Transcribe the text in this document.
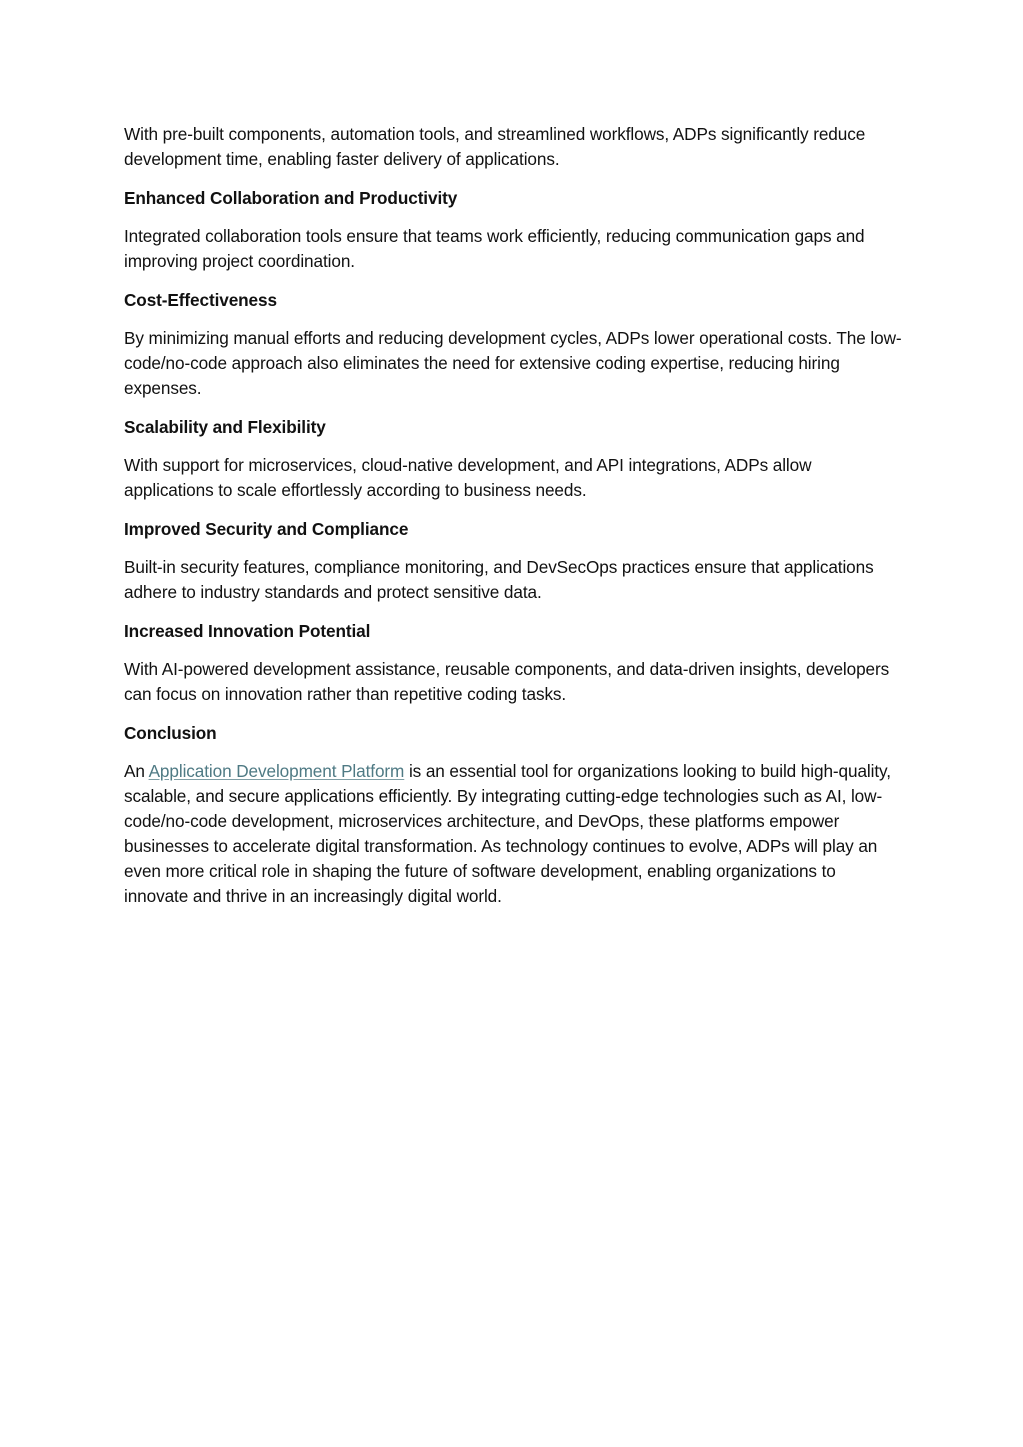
With pre-built components, automation tools, and streamlined workflows, ADPs significantly reduce development time, enabling faster delivery of applications.

Enhanced Collaboration and Productivity

Integrated collaboration tools ensure that teams work efficiently, reducing communication gaps and improving project coordination.

Cost-Effectiveness

By minimizing manual efforts and reducing development cycles, ADPs lower operational costs. The low-code/no-code approach also eliminates the need for extensive coding expertise, reducing hiring expenses.

Scalability and Flexibility

With support for microservices, cloud-native development, and API integrations, ADPs allow applications to scale effortlessly according to business needs.

Improved Security and Compliance

Built-in security features, compliance monitoring, and DevSecOps practices ensure that applications adhere to industry standards and protect sensitive data.

Increased Innovation Potential

With AI-powered development assistance, reusable components, and data-driven insights, developers can focus on innovation rather than repetitive coding tasks.

Conclusion

An Application Development Platform is an essential tool for organizations looking to build high-quality, scalable, and secure applications efficiently. By integrating cutting-edge technologies such as AI, low-code/no-code development, microservices architecture, and DevOps, these platforms empower businesses to accelerate digital transformation. As technology continues to evolve, ADPs will play an even more critical role in shaping the future of software development, enabling organizations to innovate and thrive in an increasingly digital world.
